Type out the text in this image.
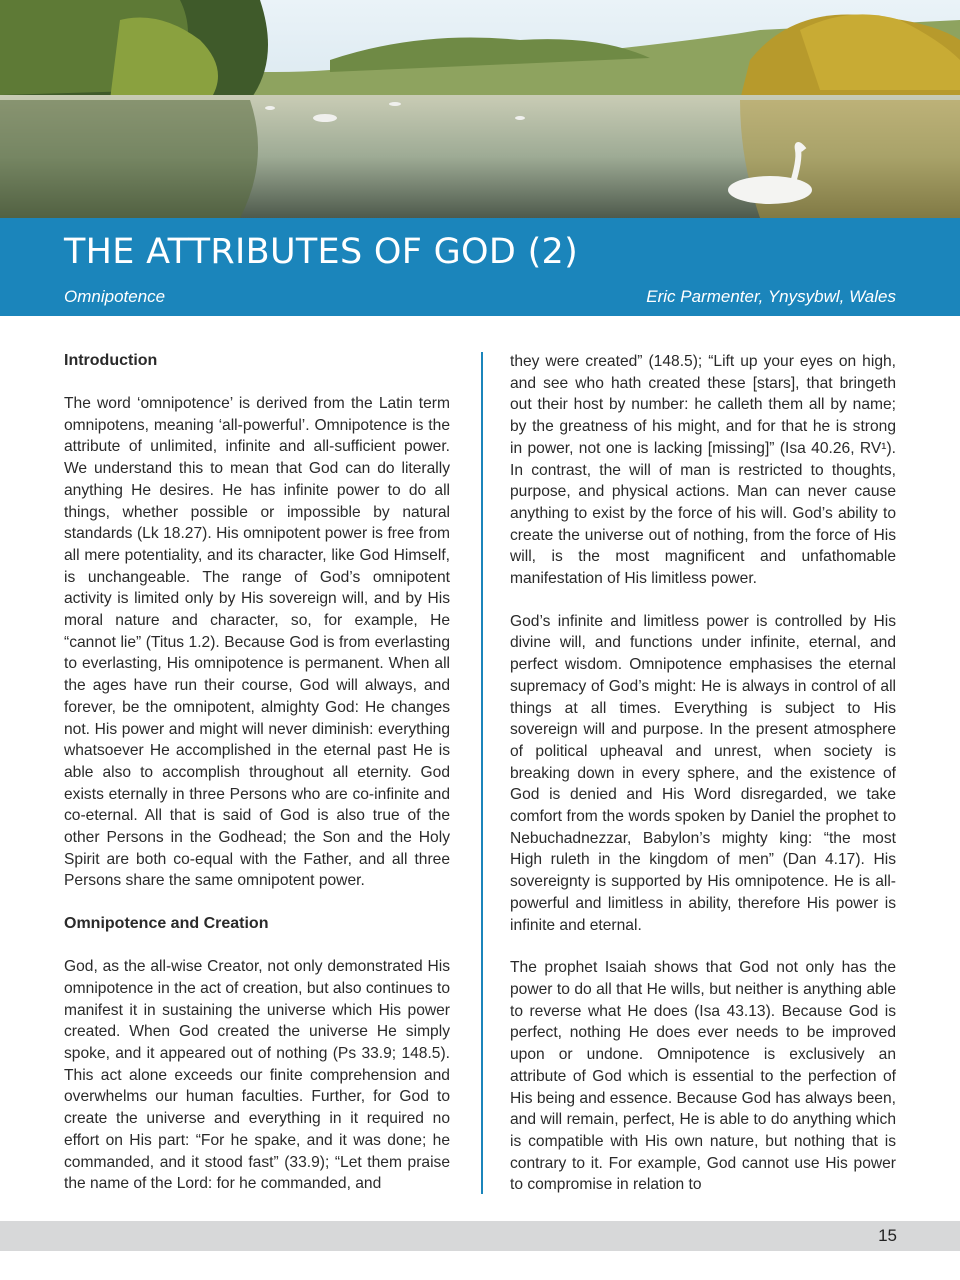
THE ATTRIBUTES OF GOD (2)
Omnipotence	Eric Parmenter, Ynysybwl, Wales
Introduction

The word ‘omnipotence’ is derived from the Latin term omnipotens, meaning ‘all-powerful’. Omnipotence is the attribute of unlimited, infinite and all-sufficient power. We understand this to mean that God can do literally anything He desires. He has infinite power to do all things, whether possible or impossible by natural standards (Lk 18.27). His omnipotent power is free from all mere potentiality, and its character, like God Himself, is unchangeable. The range of God’s omnipotent activity is limited only by His sovereign will, and by His moral nature and character, so, for example, He “cannot lie” (Titus 1.2). Because God is from everlasting to everlasting, His omnipotence is permanent. When all the ages have run their course, God will always, and forever, be the omnipotent, almighty God: He changes not. His power and might will never diminish: everything whatsoever He accomplished in the eternal past He is able also to accomplish throughout all eternity. God exists eternally in three Persons who are co-infinite and co-eternal. All that is said of God is also true of the other Persons in the Godhead; the Son and the Holy Spirit are both co-equal with the Father, and all three Persons share the same omnipotent power.

Omnipotence and Creation

God, as the all-wise Creator, not only demonstrated His omnipotence in the act of creation, but also continues to manifest it in sustaining the universe which His power created. When God created the universe He simply spoke, and it appeared out of nothing (Ps 33.9; 148.5). This act alone exceeds our finite comprehension and overwhelms our human faculties. Further, for God to create the universe and everything in it required no effort on His part: “For he spake, and it was done; he commanded, and it stood fast” (33.9); “Let them praise the name of the Lord: for he commanded, and

they were created” (148.5); “Lift up your eyes on high, and see who hath created these [stars], that bringeth out their host by number: he calleth them all by name; by the greatness of his might, and for that he is strong in power, not one is lacking [missing]” (Isa 40.26, RV¹). In contrast, the will of man is restricted to thoughts, purpose, and physical actions. Man can never cause anything to exist by the force of his will. God’s ability to create the universe out of nothing, from the force of His will, is the most magnificent and unfathomable manifestation of His limitless power.

God’s infinite and limitless power is controlled by His divine will, and functions under infinite, eternal, and perfect wisdom. Omnipotence emphasises the eternal supremacy of God’s might: He is always in control of all things at all times. Everything is subject to His sovereign will and purpose. In the present atmosphere of political upheaval and unrest, when society is breaking down in every sphere, and the existence of God is denied and His Word disregarded, we take comfort from the words spoken by Daniel the prophet to Nebuchadnezzar, Babylon’s mighty king: “the most High ruleth in the kingdom of men” (Dan 4.17). His sovereignty is supported by His omnipotence. He is all-powerful and limitless in ability, therefore His power is infinite and eternal.

The prophet Isaiah shows that God not only has the power to do all that He wills, but neither is anything able to reverse what He does (Isa 43.13). Because God is perfect, nothing He does ever needs to be improved upon or undone. Omnipotence is exclusively an attribute of God which is essential to the perfection of His being and essence. Because God has always been, and will remain, perfect, He is able to do anything which is compatible with His own nature, but nothing that is contrary to it. For example, God cannot use His power to compromise in relation to

15
